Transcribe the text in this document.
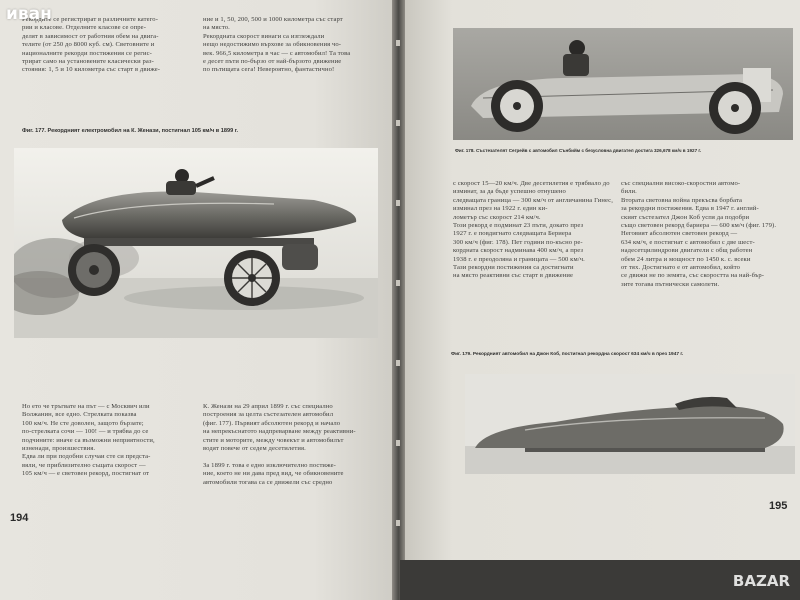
Рекордите се регистрират в различните катего-
рии и класове. Отделните класове се опре-
делят в зависимост от работния обем на двига-
телите (от 250 до 8000 куб. см). Световните и
националните рекорди постижения се регис-
трират само на установените класически раз-
стояния: 1, 5 и 10 километра със старт в движе-
ние и 1, 50, 200, 500 и 1000 километра със старт
на място.
Рекордната скорост винаги са изглеждали
нещо недостижимо върхове за обикновения чо-
век. 966,5 километра в час — с автомобил! Та това
е десет пъти по-бързо от най-бързото движение
по пътищата сега! Невероятно, фантастично!
Фиг. 177. Рекордният електромобил на К. Женази, постигнал 105 км/ч в 1899 г.
Но ето че тръгвате на път — с Москвич или
Волжанин, все едно. Стрелката показва
100 км/ч. Не сте доволен, защото бързате;
по-стрелката сочи — 100! — и трябва до се
подчините: иначе са възможни неприятности,
изненади, произшествия.
Едва ли при подобни случаи сте си предста-
вяли, че приблизително същата скорост —
105 км/ч — е световен рекорд, постигнат от
К. Женази на 29 април 1899 г. със специално
построения за целта състезателен автомобил
(фиг. 177). Първият абсолютен рекорд и начало
на непрекъснатото надпреварване между реактивни-
стите и моторите, между човекът и автомобилът
водят повече от седем десетилетия.

За 1899 г. това е едно изключително постиже-
ние, което не ни дава пред вид, че обикновените
автомобили тогава са се движели със средно
194
Фиг. 178. Състезателят Сегрейв с автомобил Сънбийм с безусловна двигател достига 326,678 км/ч в 1927 г.
с скорост 15—20 км/ч. Две десетилетия е трябвало до изминат, за да бъде успешно отнушено
следващата граница — 300 км/ч от англичанина Гинес, изминал през на 1922 г. един ки-
лометър със скорост 214 км/ч.
Този рекорд е подминат 23 пъти, докато през
1927 г. е повдигнато следващата Бериера
300 км/ч (фиг. 178). Пет години по-късно ре-
кордната скорост надминава 400 км/ч, а през
1938 г. е преодоляна и границата — 500 км/ч.
Тази рекордни постижения са достигнати
на място реактивни със старт в движение
със специални високо-скоростни автомо-
били.
Втората световна война прекъсва борбата
за рекордни постижения. Едва в 1947 г. англий-
ският състезател Джон Коб успя да подобри
също световен рекорд бариера — 600 км/ч (фиг. 179).
Неговият абсолютен световен рекорд —
634 км/ч, е постигнат с автомобил с две шест-
надесетцилиндрови двигатели с общ работен
обем 24 литра и мощност по 1450 к. с. всеки
от тях. Достигнато е от автомобил, който
се движи не по земята, със скоростта на най-бър-
зите тогава пътнически самолети.
Фиг. 179. Рекордният автомобил на Джон Коб, постигнал рекордна скорост 634 км/ч в през 1947 г.
195
иван
BAZAR
